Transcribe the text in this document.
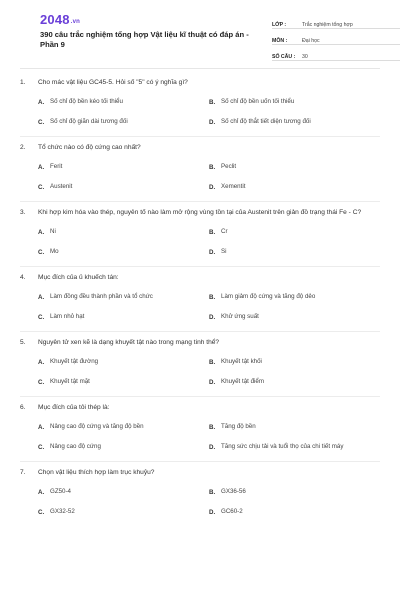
2048.vn
390 câu trắc nghiệm tổng hợp Vật liệu kĩ thuật có đáp án - Phần 9
LỚP :	Trắc nghiệm tổng hợp
MÔN :	Đại học
SỐ CÂU :	30
1.	Cho mác vật liệu GC45-5. Hỏi số "5" có ý nghĩa gì?
A. Số chỉ độ bền kéo tối thiểu	B. Số chỉ độ bền uốn tối thiểu
C. Số chỉ độ giãn dài tương đối	D. Số chỉ độ thắt tiết diện tương đối
2.	Tổ chức nào có độ cứng cao nhất?
A. Ferit	B. Peclit
C. Austenit	D. Xementit
3.	Khi hợp kim hóa vào thép, nguyên tố nào làm mở rộng vùng tồn tại của Austenit trên giản đồ trạng thái Fe - C?
A. Ni	B. Cr
C. Mo	D. Si
4.	Mục đích của ủ khuếch tán:
A. Làm đồng đều thành phần và tổ chức	B. Làm giảm độ cứng và tăng độ dẻo
C. Làm nhỏ hạt	D. Khử ứng suất
5.	Nguyên tử xen kẽ là dạng khuyết tật nào trong mạng tinh thể?
A. Khuyết tật đường	B. Khuyết tật khối
C. Khuyết tật mặt	D. Khuyết tật điểm
6.	Mục đích của tôi thép là:
A. Nâng cao độ cứng và tăng độ bền	B. Tăng độ bền
C. Nâng cao độ cứng	D. Tăng sức chịu tải và tuổi thọ của chi tiết máy
7.	Chọn vật liệu thích hợp làm trục khuỷu?
A. GZ50-4	B. GX36-56
C. GX32-52	D. GC60-2
